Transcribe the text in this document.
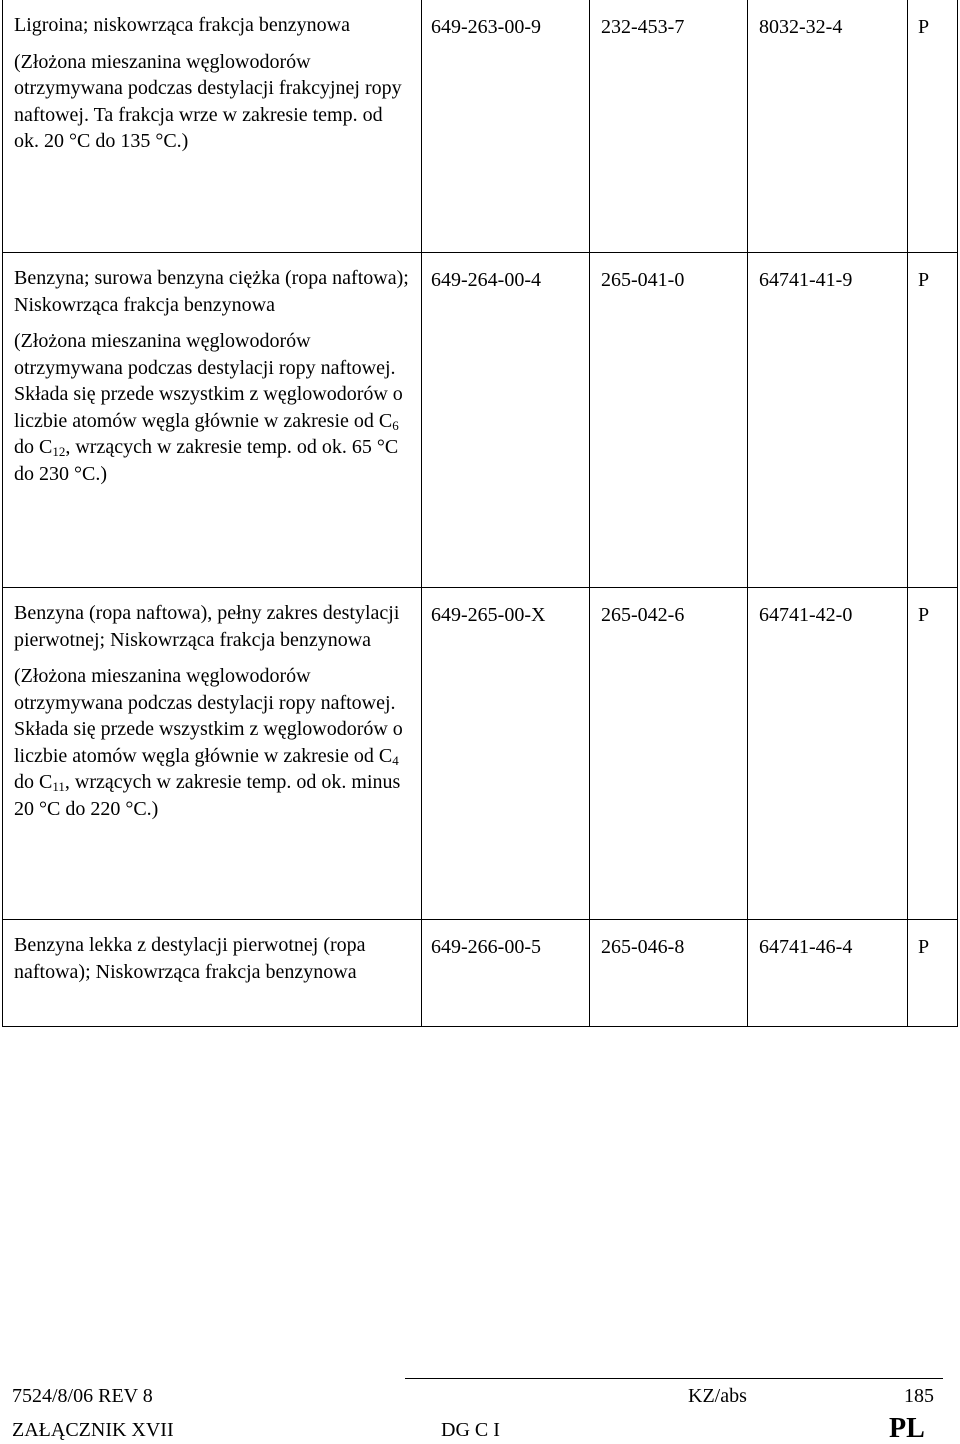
Ligroina; niskowrząca frakcja benzynowa

(Złożona mieszanina węglowodorów otrzymywana podczas destylacji frakcyjnej ropy naftowej. Ta frakcja wrze w zakresie temp. od ok. 20 °C do 135 °C.)	649-263-00-9	232-453-7	8032-32-4	P

Benzyna; surowa benzyna ciężka (ropa naftowa); Niskowrząca frakcja benzynowa

(Złożona mieszanina węglowodorów otrzymywana podczas destylacji ropy naftowej. Składa się przede wszystkim z węglowodorów o liczbie atomów węgla głównie w zakresie od $C_6$ do $C_{12}$, wrzących w zakresie temp. od ok. 65 °C do 230 °C.)	649-264-00-4	265-041-0	64741-41-9	P

Benzyna (ropa naftowa), pełny zakres destylacji pierwotnej; Niskowrząca frakcja benzynowa

(Złożona mieszanina węglowodorów otrzymywana podczas destylacji ropy naftowej. Składa się przede wszystkim z węglowodorów o liczbie atomów węgla głównie w zakresie od $C_4$ do $C_{11}$, wrzących w zakresie temp. od ok. minus 20 °C do 220 °C.)	649-265-00-X	265-042-6	64741-42-0	P

Benzyna lekka z destylacji pierwotnej (ropa naftowa); Niskowrząca frakcja benzynowa	649-266-00-5	265-046-8	64741-46-4	P
7524/8/06 REV 8	KZ/abs	185
ZAŁĄCZNIK XVII	DG C I	PL
